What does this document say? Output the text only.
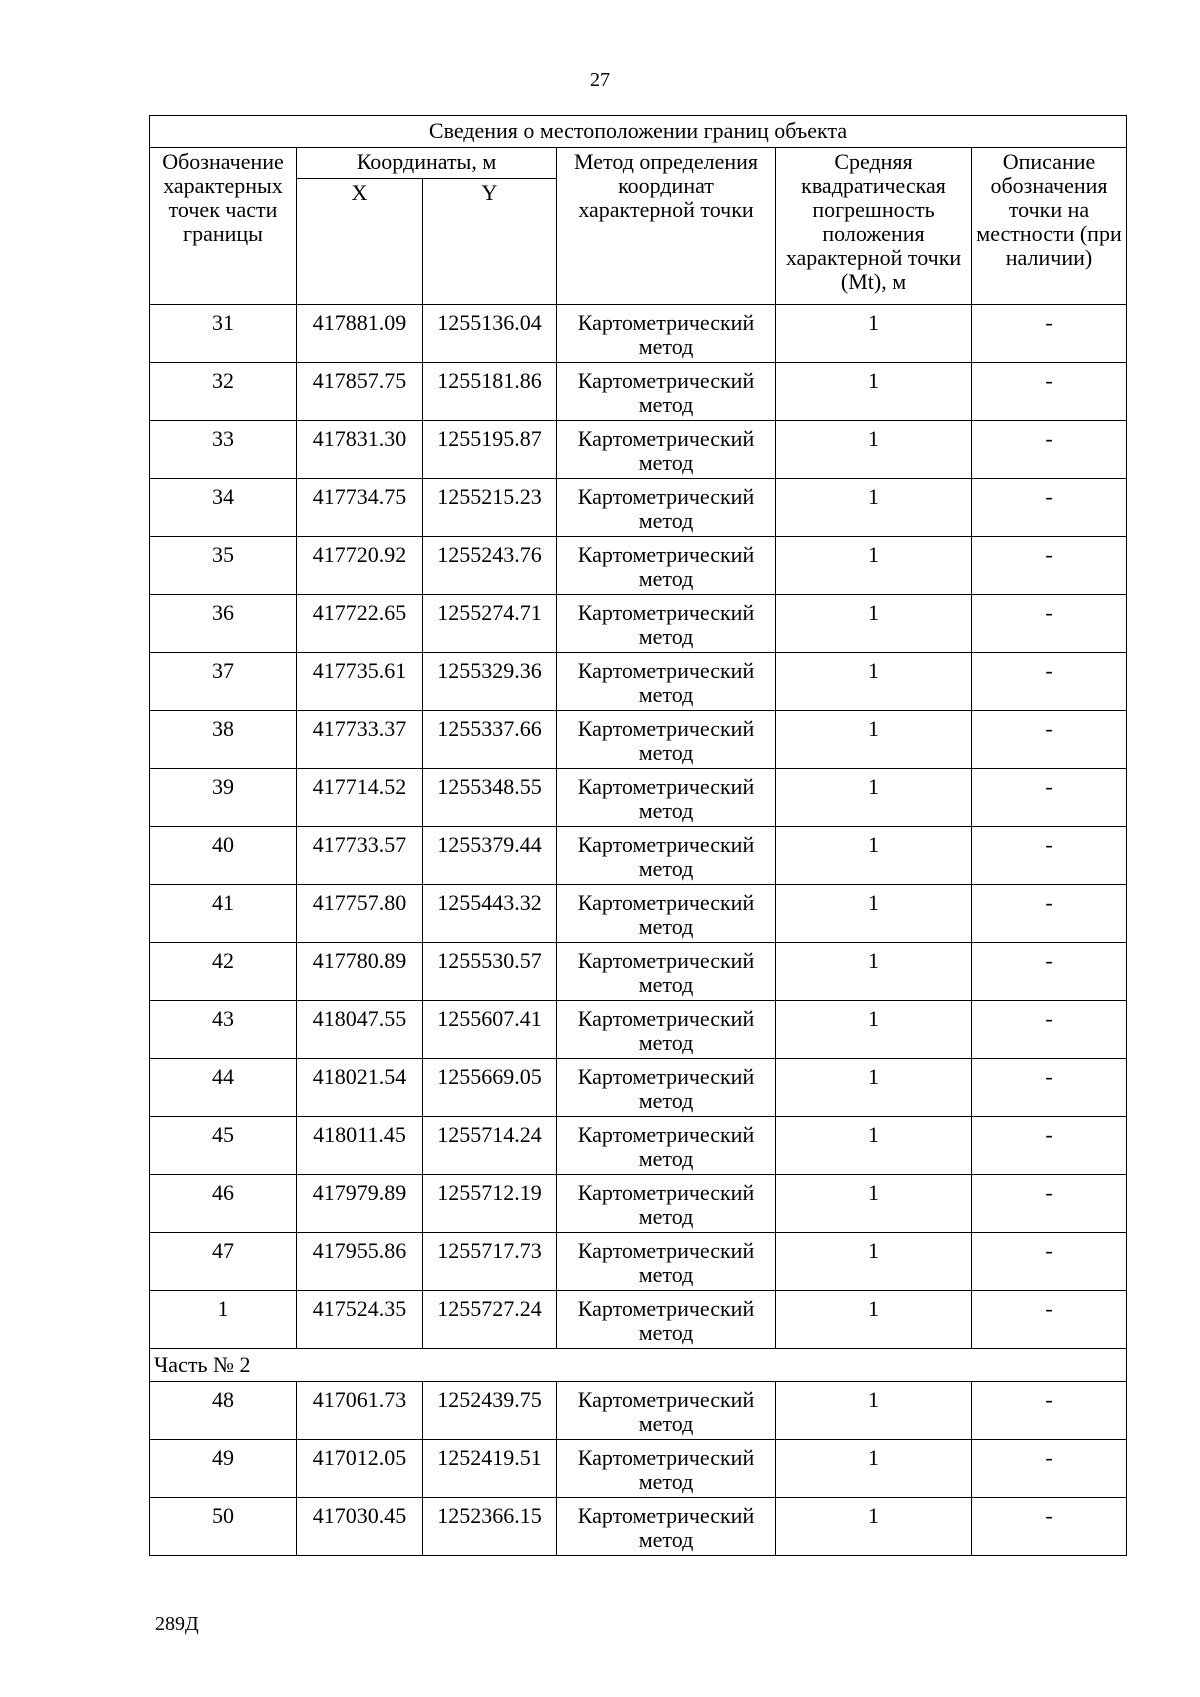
27
Сведения о местоположении границ объекта					
Обозначение характерных точек части границы	Координаты, м		Метод определения координат характерной точки	Средняя квадратическая погрешность положения характерной точки (Mt), м	Описание обозначения точки на местности (при наличии)
	X	Y			
31	417881.09	1255136.04	Картометрический метод	1	-
32	417857.75	1255181.86	Картометрический метод	1	-
33	417831.30	1255195.87	Картометрический метод	1	-
34	417734.75	1255215.23	Картометрический метод	1	-
35	417720.92	1255243.76	Картометрический метод	1	-
36	417722.65	1255274.71	Картометрический метод	1	-
37	417735.61	1255329.36	Картометрический метод	1	-
38	417733.37	1255337.66	Картометрический метод	1	-
39	417714.52	1255348.55	Картометрический метод	1	-
40	417733.57	1255379.44	Картометрический метод	1	-
41	417757.80	1255443.32	Картометрический метод	1	-
42	417780.89	1255530.57	Картометрический метод	1	-
43	418047.55	1255607.41	Картометрический метод	1	-
44	418021.54	1255669.05	Картометрический метод	1	-
45	418011.45	1255714.24	Картометрический метод	1	-
46	417979.89	1255712.19	Картометрический метод	1	-
47	417955.86	1255717.73	Картометрический метод	1	-
1	417524.35	1255727.24	Картометрический метод	1	-
Часть № 2					
48	417061.73	1252439.75	Картометрический метод	1	-
49	417012.05	1252419.51	Картометрический метод	1	-
50	417030.45	1252366.15	Картометрический метод	1	-
289Д
